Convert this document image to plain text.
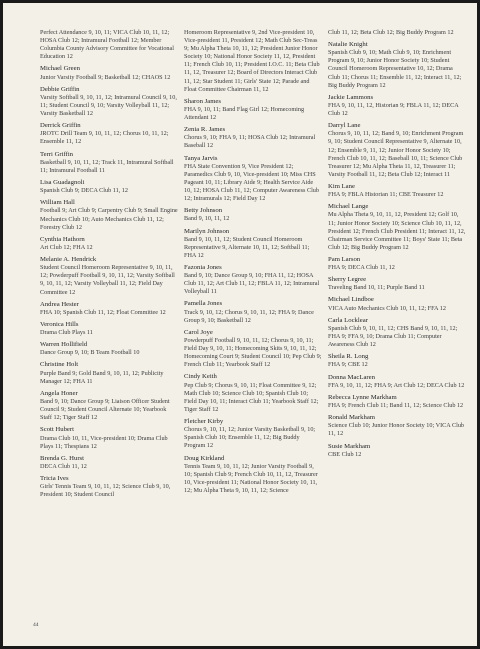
Perfect Attendance 9, 10, 11; VICA Club 10, 11, 12; HOSA Club 12; Intramural Football 12; Member Columbia County Advisory Committee for Vocational Education 12
Michael Green
Junior Varsity Football 9; Basketball 12; CHAOS 12
Debbie Griffin
Varsity Softball 9, 10, 11, 12; Intramural Council 9, 10, 11; Student Council 9, 10; Varsity Volleyball 11, 12; Varsity Basketball 12
Derrick Griffin
JROTC Drill Team 9, 10, 11, 12; Chorus 10, 11, 12; Ensemble 11, 12
Terri Griffin
Basketball 9, 10, 11, 12; Track 11, Intramural Softball 11; Intramural Football 11
Lisa Guadagnoli
Spanish Club 9; DECA Club 11, 12
William Hall
Football 9; Art Club 9; Carpentry Club 9; Small Engine Mechanics Club 10; Auto Mechanics Club 11, 12; Forestry Club 12
Cynthia Hathorn
Art Club 12; FHA 12
Melanie A. Hendrick
Student Council Homeroom Representative 9, 10, 11, 12; Powderpuff Football 9, 10, 11, 12; Varsity Softball 9, 10, 11, 12; Varsity Volleyball 11, 12; Field Day Committee 12
Andrea Hester
FHA 10; Spanish Club 11, 12; Float Committee 12
Veronica Hills
Drama Club Plays 11
Warren Hollifield
Dance Group 9, 10; B Team Football 10
Christine Holt
Purple Band 9; Gold Band 9, 10, 11, 12; Publicity Manager 12; FHA 11
Angela Honer
Band 9, 10; Dance Group 9; Liaison Officer Student Council 9; Student Council Alternate 10; Yearbook Staff 12; Tiger Staff 12
Scott Hubert
Drama Club 10, 11, Vice-president 10; Drama Club Plays 11; Thespians 12
Brenda G. Hurst
DECA Club 11, 12
Tricia Ives
Girls' Tennis Team 9, 10, 11, 12; Science Club 9, 10, President 10; Student Council
Homeroom Representative 9, 2nd Vice-president 10, Vice-president 11, President 12; Math Club Sec-Treas 9; Mu Alpha Theta 10, 11, 12; President Junior Honor Society 10; National Honor Society 11, 12, President 11; French Club 10, 11; President I.O.C. 11; Beta Club 11, 12, Treasurer 12; Board of Directors Interact Club 11, 12; Star Student 11; Girls' State 12; Parade and Float Committee Chairman 11, 12
Sharon James
FHA 9, 10, 11; Band Flag Girl 12; Homecoming Attendant 12
Zenia R. James
Chorus 9, 10; FHA 9, 11; HOSA Club 12; Intramural Baseball 12
Tanya Jarvis
FHA State Convention 9, Vice President 12; Paramedics Club 9, 10, Vice-president 10; Miss CHS Pageant 10, 11; Library Aide 9; Health Service Aide 10, 12; HOSA Club 11, 12; Computer Awareness Club 12; Intramurals 12; Field Day 12
Betty Johnson
Band 9, 10, 11, 12
Marilyn Johnson
Band 9, 10, 11, 12; Student Council Homeroom Representative 9, Alternate 10, 11, 12; Softball 11; FHA 12
Fazonia Jones
Band 9, 10; Dance Group 9, 10; FHA 11, 12; HOSA Club 11, 12; Art Club 11, 12; FBLA 11, 12; Intramural Volleyball 11
Pamella Jones
Track 9, 10, 12; Chorus 9, 10, 11, 12; FHA 9; Dance Group 9, 10; Basketball 12
Carol Joye
Powderpuff Football 9, 10, 11, 12; Chorus 9, 10, 11; Field Day 9, 10, 11; Homecoming Skits 9, 10, 11, 12; Homecoming Court 9; Student Council 10; Pep Club 9; French Club 11; Yearbook Staff 12
Cindy Keith
Pep Club 9; Chorus 9, 10, 11; Float Committee 9, 12; Math Club 10; Science Club 10; Spanish Club 10; Field Day 10, 11; Interact Club 11; Yearbook Staff 12; Tiger Staff 12
Fletcher Kirby
Chorus 9, 10, 11, 12; Junior Varsity Basketball 9, 10; Spanish Club 10; Ensemble 11, 12; Big Buddy Program 12
Doug Kirkland
Tennis Team 9, 10, 11, 12; Junior Varsity Football 9, 10; Spanish Club 9; French Club 10, 11, 12, Treasurer 10, Vice-president 11; National Honor Society 10, 11, 12; Mu Alpha Theta 9, 10, 11, 12; Science
Club 11, 12; Beta Club 12; Big Buddy Program 12
Natalie Knight
Spanish Club 9, 10; Math Club 9, 10; Enrichment Program 9, 10; Junior Honor Society 10; Student Council Homeroom Representative 10, 12; Drama Club 11; Chorus 11; Ensemble 11, 12; Interact 11, 12; Big Buddy Program 12
Jackie Lammons
FHA 9, 10, 11, 12, Historian 9; FBLA 11, 12; DECA Club 12
Darryl Lane
Chorus 9, 10, 11, 12; Band 9, 10; Enrichment Program 9, 10; Student Council Representative 9, Alternate 10, 12; Ensemble 9, 11, 12; Junior Honor Society 10; French Club 10, 11, 12; Baseball 10, 11; Science Club Treasurer 12; Mu Alpha Theta 11, 12, Treasurer 11; Varsity Football 11, 12; Beta Club 12; Interact 11
Kim Lane
FHA 9; FBLA Historian 11; CBE Treasurer 12
Michael Lange
Mu Alpha Theta 9, 10, 11, 12, President 12; Golf 10, 11; Junior Honor Society 10; Science Club 10, 11, 12, President 12; French Club President 11; Interact 11, 12, Chairman Service Committee 11; Boys' State 11; Beta Club 12; Big Buddy Program 12
Pam Larson
FHA 9; DECA Club 11, 12
Sherry Legree
Traveling Band 10, 11; Purple Band 11
Michael Lindboe
VICA Auto Mechanics Club 10, 11, 12; FFA 12
Carla Locklear
Spanish Club 9, 10, 11, 12; CHS Band 9, 10, 11, 12; FHA 9; FFA 9, 10; Drama Club 11; Computer Awareness Club 12
Sheila R. Long
FHA 9; CBE 12
Donna MacLaren
FFA 9, 10, 11, 12; FHA 9; Art Club 12; DECA Club 12
Rebecca Lynne Markham
FHA 9; French Club 11; Band 11, 12; Science Club 12
Ronald Markham
Science Club 10; Junior Honor Society 10; VICA Club 11, 12
Susie Markham
CBE Club 12
44
